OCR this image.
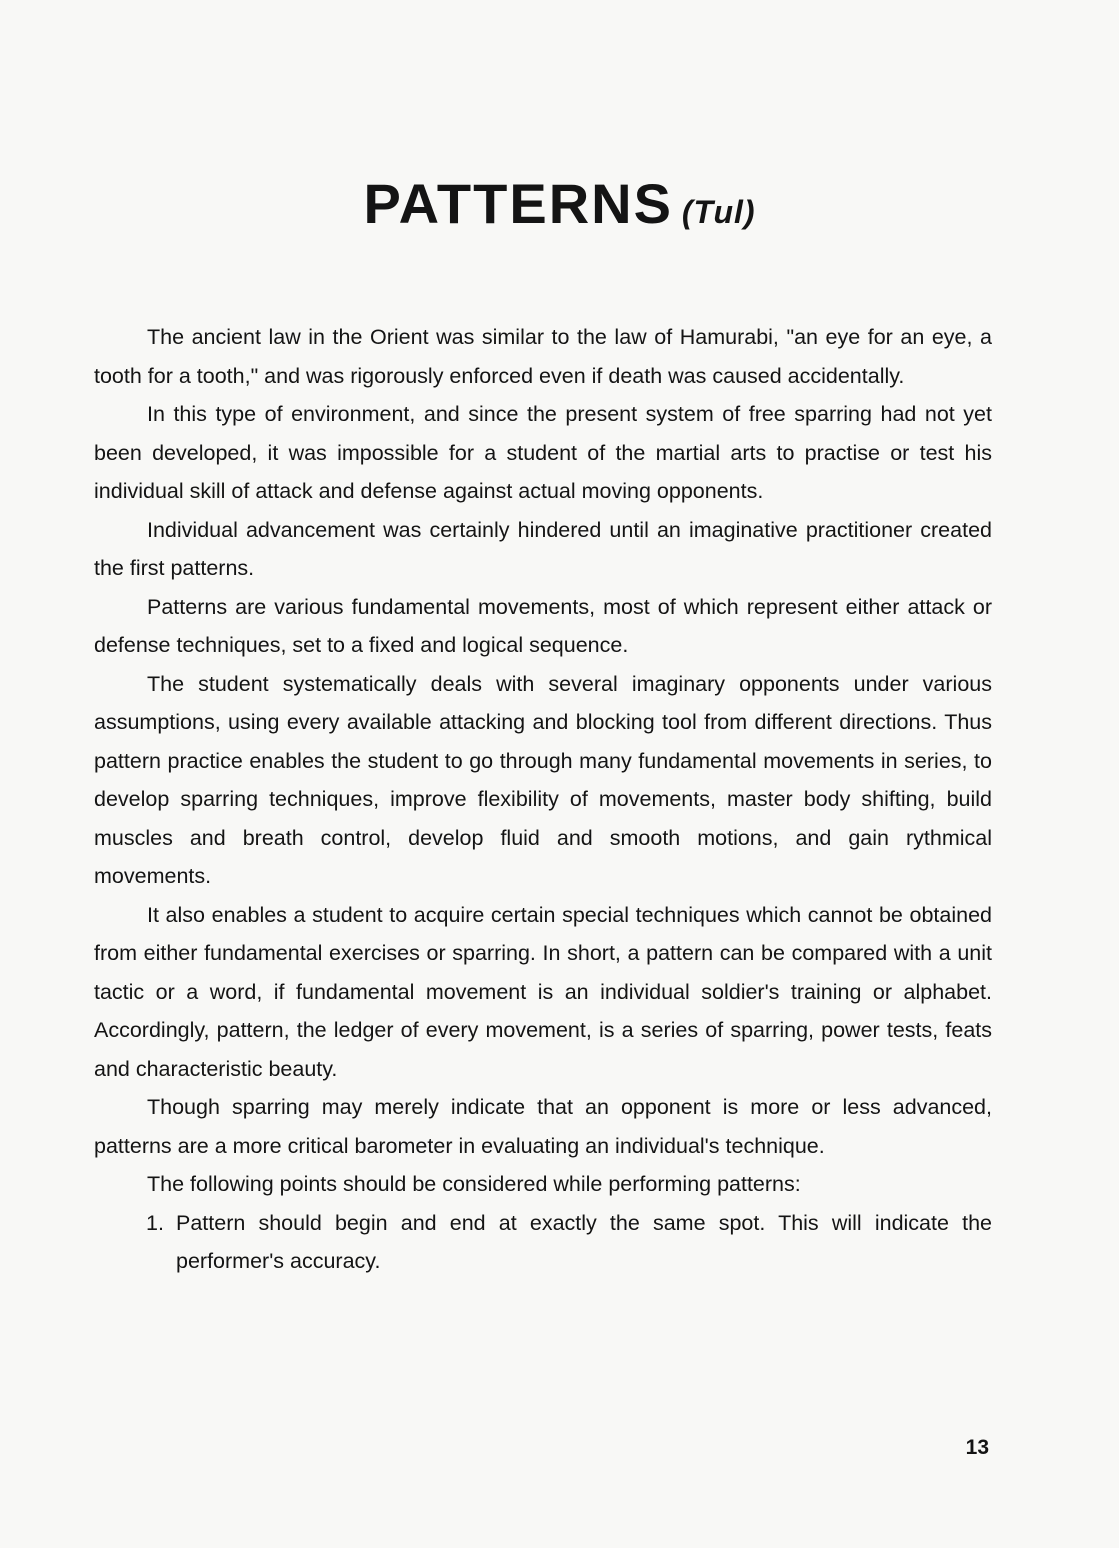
PATTERNS (Tul)

The ancient law in the Orient was similar to the law of Hamurabi, "an eye for an eye, a tooth for a tooth," and was rigorously enforced even if death was caused accidentally.

In this type of environment, and since the present system of free sparring had not yet been developed, it was impossible for a student of the martial arts to practise or test his individual skill of attack and defense against actual moving opponents.

Individual advancement was certainly hindered until an imaginative practitioner created the first patterns.

Patterns are various fundamental movements, most of which represent either attack or defense techniques, set to a fixed and logical sequence.

The student systematically deals with several imaginary opponents under various assumptions, using every available attacking and blocking tool from different directions. Thus pattern practice enables the student to go through many fundamental movements in series, to develop sparring techniques, improve flexibility of movements, master body shifting, build muscles and breath control, develop fluid and smooth motions, and gain rythmical movements.

It also enables a student to acquire certain special techniques which cannot be obtained from either fundamental exercises or sparring. In short, a pattern can be compared with a unit tactic or a word, if fundamental movement is an individual soldier's training or alphabet. Accordingly, pattern, the ledger of every movement, is a series of sparring, power tests, feats and characteristic beauty.

Though sparring may merely indicate that an opponent is more or less advanced, patterns are a more critical barometer in evaluating an individual's technique.

The following points should be considered while performing patterns:

1. Pattern should begin and end at exactly the same spot. This will indicate the performer's accuracy.

13
